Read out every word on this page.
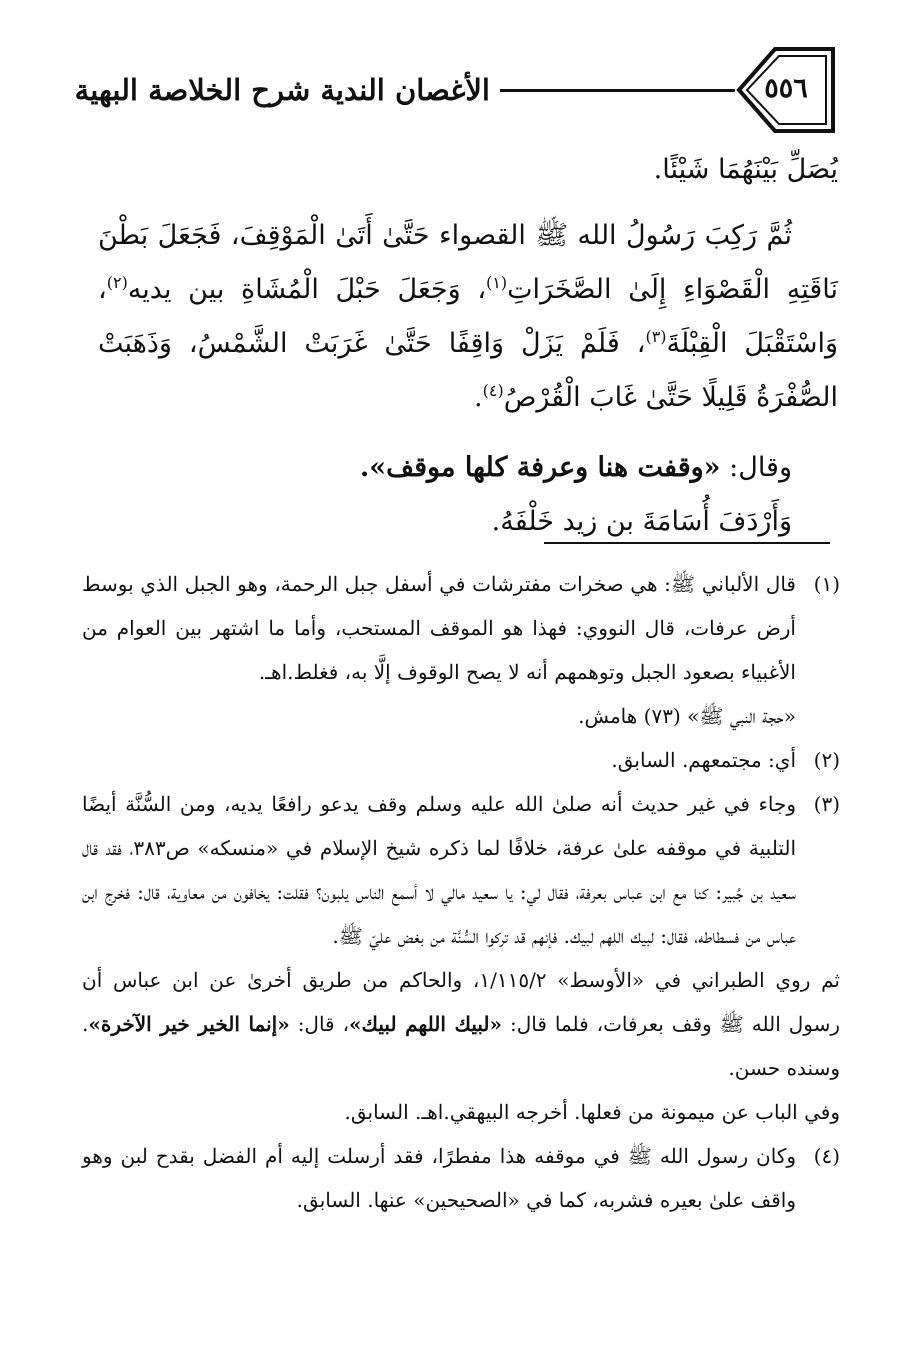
٥٥٦
الأغصان الندية شرح الخلاصة البهية

يُصَلِّ بَيْنَهُمَا شَيْئًا.

ثُمَّ رَكِبَ رَسُولُ الله ﷺ القصواء حَتَّىٰ أَتَىٰ الْمَوْقِفَ، فَجَعَلَ بَطْنَ نَاقَتِهِ الْقَصْوَاءِ إِلَىٰ الصَّخَرَاتِ$^{(١)}$، وَجَعَلَ حَبْلَ الْمُشَاةِ بين يديه$^{(٢)}$، وَاسْتَقْبَلَ الْقِبْلَةَ$^{(٣)}$، فَلَمْ يَزَلْ وَاقِفًا حَتَّىٰ غَرَبَتْ الشَّمْسُ، وَذَهَبَتْ الصُّفْرَةُ قَلِيلًا حَتَّىٰ غَابَ الْقُرْصُ$^{(٤)}$.

وقال: «وقفت هنا وعرفة كلها موقف».

وَأَرْدَفَ أُسَامَةَ بن زيد خَلْفَهُ.

(١)

قال الألباني ﷺ: هي صخرات مفترشات في أسفل جبل الرحمة، وهو الجبل الذي بوسط أرض عرفات، قال النووي: فهذا هو الموقف المستحب، وأما ما اشتهر بين العوام من الأغبياء بصعود الجبل وتوهمهم أنه لا يصح الوقوف إلَّا به، فغلط.اهـ.

«حجة النبي ﷺ» (٧٣) هامش.

(٢)

أي: مجتمعهم. السابق.

(٣)

وجاء في غير حديث أنه صلىٰ الله عليه وسلم وقف يدعو رافعًا يديه، ومن السُّنَّة أيضًا التلبية في موقفه علىٰ عرفة، خلافًا لما ذكره شيخ الإسلام في «منسكه» ص٣٨٣، فقد قال سعيد بن جُبير: كنا مع ابن عباس بعرفة، فقال لي: يا سعيد مالي لا أسمع الناس يلبون؟ فقلت: يخافون من معاوية، قال: فخرج ابن عباس من فسطاطه، فقال: لبيك اللهم لبيك. فإنهم قد تركوا السُّنَّة من بغض عليّ ﷺ.

ثم روي الطبراني في «الأوسط» ١/١١٥/٢، والحاكم من طريق أخرىٰ عن ابن عباس أن رسول الله ﷺ وقف بعرفات، فلما قال: «لبيك اللهم لبيك»، قال: «إنما الخير خير الآخرة». وسنده حسن.

وفي الباب عن ميمونة من فعلها. أخرجه البيهقي.اهـ. السابق.

(٤)

وكان رسول الله ﷺ في موقفه هذا مفطرًا، فقد أرسلت إليه أم الفضل بقدح لبن وهو واقف علىٰ بعيره فشربه، كما في «الصحيحين» عنها. السابق.
